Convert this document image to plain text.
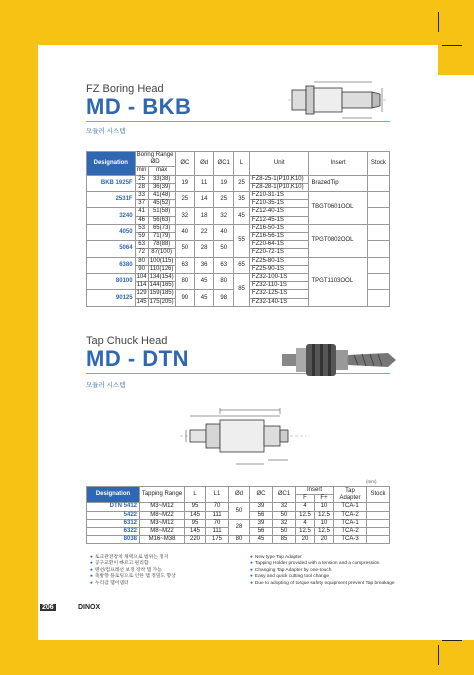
FZ Boring Head
MD - BKB
모듈러 시스템
Designation	Boring Range ØD		ØC	Ød	ØC1	L	Unit	Insert	Stock
	min	max							
BKB 1925F	25	33(38)	19	11	19	25	FZ8-25-1(P10,K10)	BrazedTip	
	28	36(39)					FZ8-28-1(P10,K10)		
2531F	33	41(48)	25	14	25	35	FZ10-31-1S	TBGT0601OOL	
	37	45(52)					FZ10-35-1S		
3240	41	51(58)	32	18	32	45	FZ12-40-1S		
	46	56(63)					FZ12-45-1S		
4050	53	65(73)	40	22	40	55	FZ16-50-1S	TPGT0802OOL	
	59	71(79)					FZ16-56-1S		
5064	63	78(88)	50	28	50		FZ20-64-1S		
	72	87(100)					FZ20-72-1S		
6380	80	100(115)	63	36	63	65	FZ25-80-1S	TPGT1103OOL	
	90	110(126)					FZ25-90-1S		
80100	104	134(154)	80	45	80	85	FZ32-100-1S		
	114	144(165)					FZ32-110-1S		
90125	129	159(185)	90	45	98		FZ32-125-1S		
	145	175(205)					FZ32-140-1S		
Tap Chuck Head
MD - DTN
모듈러 시스템
(mm)
Designation	Tapping Range	L	L1	Ød	ØC	ØC1	Insert		Tap Adapter	Stock
							F	F+		
DTN 5412	M3~M12	95	70	50	39	32	4	10	TCA-1	
5422	M8~M22	145	111		56	50	12.5	12.5	TCA-2	
6312	M3~M12	95	70	28	39	32	4	10	TCA-1	
6322	M8~M22	145	111		56	50	12.5	12.5	TCA-2	
8038	M16~M38	220	175	80	45	85	20	20	TCA-3	
● 토크관전장치 채택으로 범위는 정지
● 공구교환이 빠르고 편리함
● 텐션/컴프레션 보정 장착 탭 가능
● 축방향 플로팅으로 인한 탭 정밀도 향상
● 누리갑 탭어댑터
● New type Tap Adapter
● Tapping Holder provided with a tension and a compression
● Changing Tap Adapter by one-touch
● Easy and quick cutting tool change
● Due to adopting of torque safety equipment prevent Tap breakage
206	DINOX
